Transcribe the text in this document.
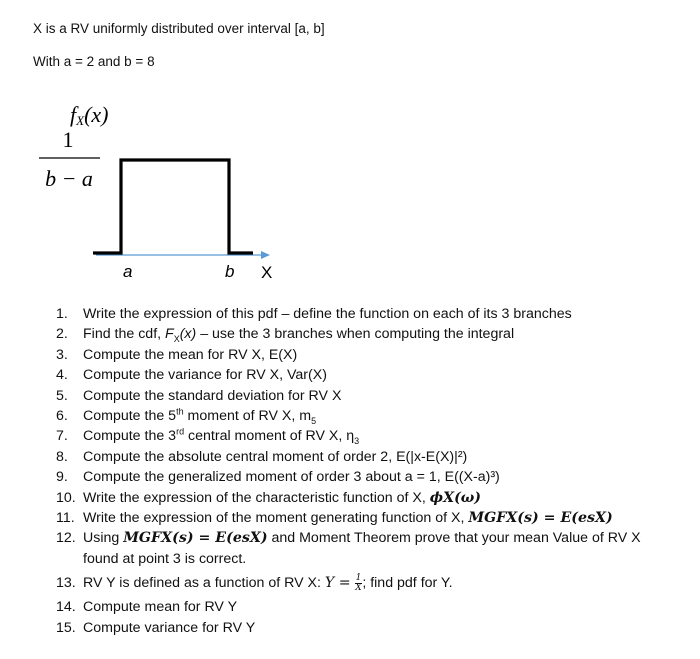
X is a RV uniformly distributed over interval [a, b]
With a = 2 and b = 8
fX(x)
1
b − a
a	b X
1.	Write the expression of this pdf – define the function on each of its 3 branches
2.	Find the cdf, $F_X(x)$ – use the 3 branches when computing the integral
3.	Compute the mean for RV X, E(X)
4.	Compute the variance for RV X, Var(X)
5.	Compute the standard deviation for RV X
6.	Compute the 5th moment of RV X, $m_5$
7.	Compute the 3rd central moment of RV X, $\eta_3$
8.	Compute the absolute central moment of order 2, E(|x-E(X)|²)
9.	Compute the generalized moment of order 3 about a = 1, E((X-a)³)
10. Write the expression of the characteristic function of X, ϕX(ω)
11. Write the expression of the moment generating function of X, MGFX(s) = E(esX)
12. Using MGFX(s) = E(esX) and Moment Theorem prove that your mean Value of RV X found at point 3 is correct.
13. RV Y is defined as a function of RV X: $Y = \frac{1}{X}$ ; find pdf for Y.
14. Compute mean for RV Y
15. Compute variance for RV Y
